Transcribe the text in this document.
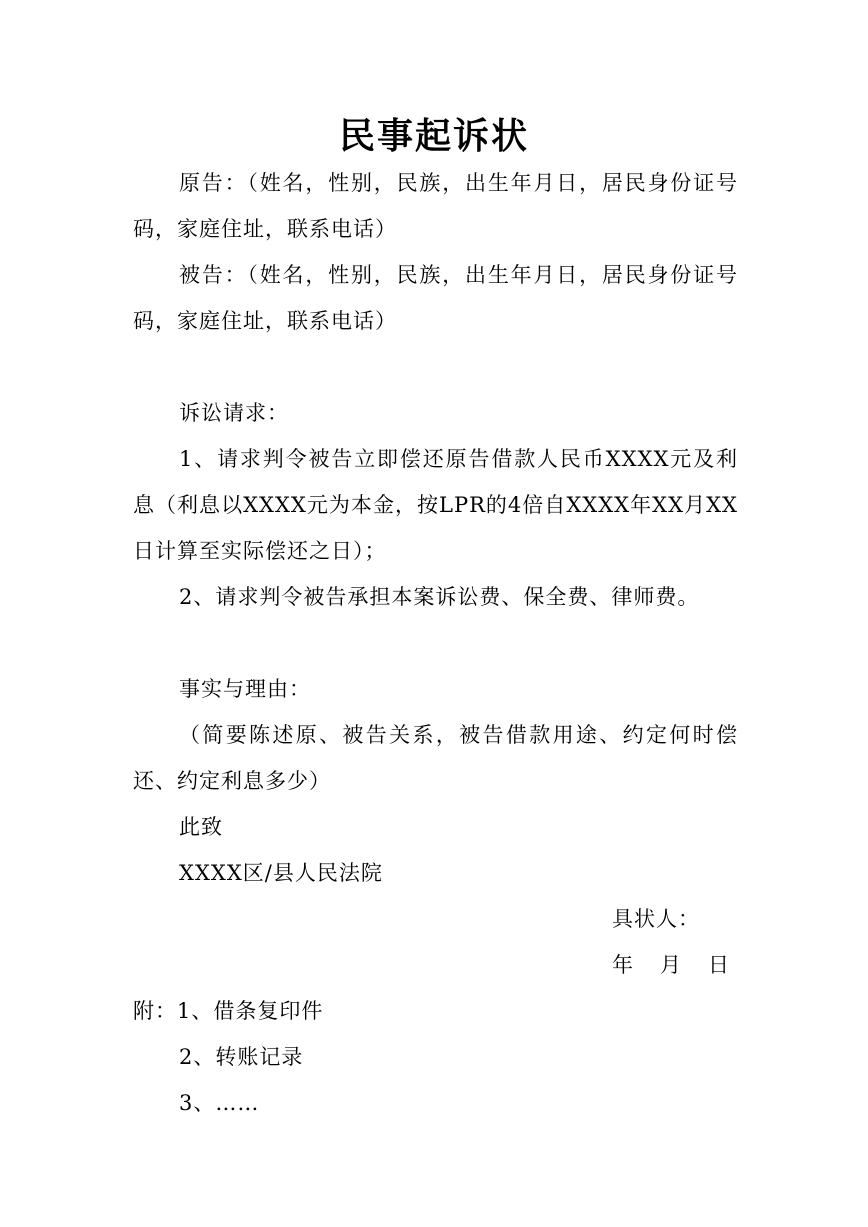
民事起诉状
原告：（姓名，性别，民族，出生年月日，居民身份证号码，家庭住址，联系电话）
被告：（姓名，性别，民族，出生年月日，居民身份证号码，家庭住址，联系电话）
诉讼请求：
1、请求判令被告立即偿还原告借款人民币XXXX元及利息（利息以XXXX元为本金，按LPR的4倍自XXXX年XX月XX日计算至实际偿还之日）；
2、请求判令被告承担本案诉讼费、保全费、律师费。
事实与理由：
（简要陈述原、被告关系，被告借款用途、约定何时偿还、约定利息多少）
此致
XXXX区/县人民法院
具状人：
年 月 日
附：1、借条复印件
2、转账记录
3、……
